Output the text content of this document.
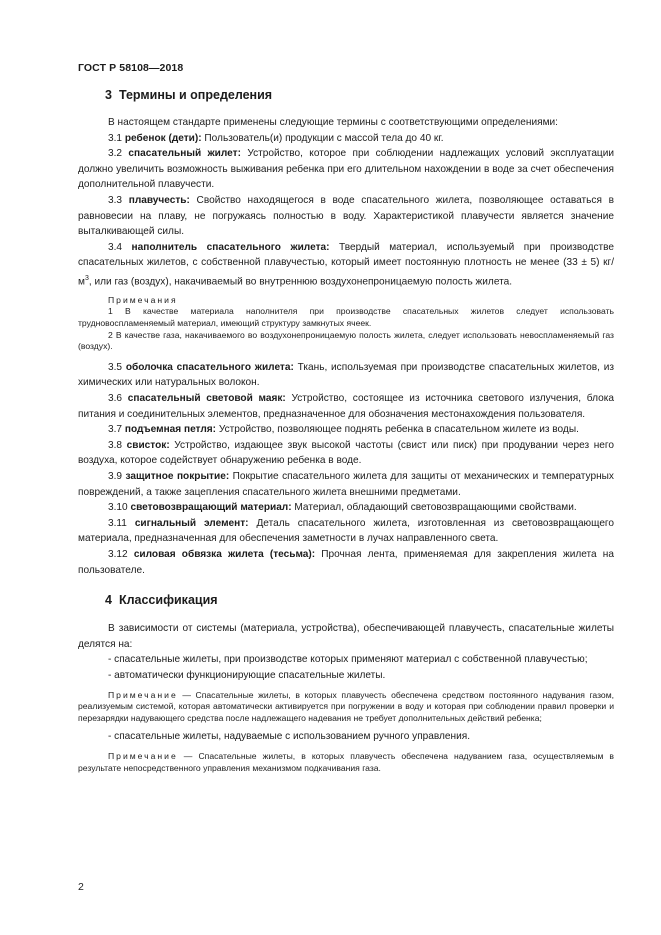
ГОСТ Р 58108—2018
3 Термины и определения

В настоящем стандарте применены следующие термины с соответствующими определениями:

3.1 ребенок (дети): Пользователь(и) продукции с массой тела до 40 кг.

3.2 спасательный жилет: Устройство, которое при соблюдении надлежащих условий эксплуатации должно увеличить возможность выживания ребенка при его длительном нахождении в воде за счет обеспечения дополнительной плавучести.

3.3 плавучесть: Свойство находящегося в воде спасательного жилета, позволяющее оставаться в равновесии на плаву, не погружаясь полностью в воду. Характеристикой плавучести является значение выталкивающей силы.

3.4 наполнитель спасательного жилета: Твердый материал, используемый при производстве спасательных жилетов, с собственной плавучестью, который имеет постоянную плотность не менее (33 ± 5) $кг/м^3$, или газ (воздух), накачиваемый во внутреннюю воздухонепроницаемую полость жилета.

Примечания

1 В качестве материала наполнителя при производстве спасательных жилетов следует использовать трудновоспламеняемый материал, имеющий структуру замкнутых ячеек.

2 В качестве газа, накачиваемого во воздухонепроницаемую полость жилета, следует использовать невоспламеняемый газ (воздух).

3.5 оболочка спасательного жилета: Ткань, используемая при производстве спасательных жилетов, из химических или натуральных волокон.

3.6 спасательный световой маяк: Устройство, состоящее из источника светового излучения, блока питания и соединительных элементов, предназначенное для обозначения местонахождения пользователя.

3.7 подъемная петля: Устройство, позволяющее поднять ребенка в спасательном жилете из воды.

3.8 свисток: Устройство, издающее звук высокой частоты (свист или писк) при продувании через него воздуха, которое содействует обнаружению ребенка в воде.

3.9 защитное покрытие: Покрытие спасательного жилета для защиты от механических и температурных повреждений, а также зацепления спасательного жилета внешними предметами.

3.10 световозвращающий материал: Материал, обладающий световозвращающими свойствами.

3.11 сигнальный элемент: Деталь спасательного жилета, изготовленная из световозвращающего материала, предназначенная для обеспечения заметности в лучах направленного света.

3.12 силовая обвязка жилета (тесьма): Прочная лента, применяемая для закрепления жилета на пользователе.

4 Классификация

В зависимости от системы (материала, устройства), обеспечивающей плавучесть, спасательные жилеты делятся на:

- спасательные жилеты, при производстве которых применяют материал с собственной плавучестью;

- автоматически функционирующие спасательные жилеты.

Примечание — Спасательные жилеты, в которых плавучесть обеспечена средством постоянного надувания газом, реализуемым системой, которая автоматически активируется при погружении в воду и которая при соблюдении правил проверки и перезарядки надувающего средства после надлежащего надевания не требует дополнительных действий ребенка;

- спасательные жилеты, надуваемые с использованием ручного управления.

Примечание — Спасательные жилеты, в которых плавучесть обеспечена надуванием газа, осуществляемым в результате непосредственного управления механизмом подкачивания газа.

2
